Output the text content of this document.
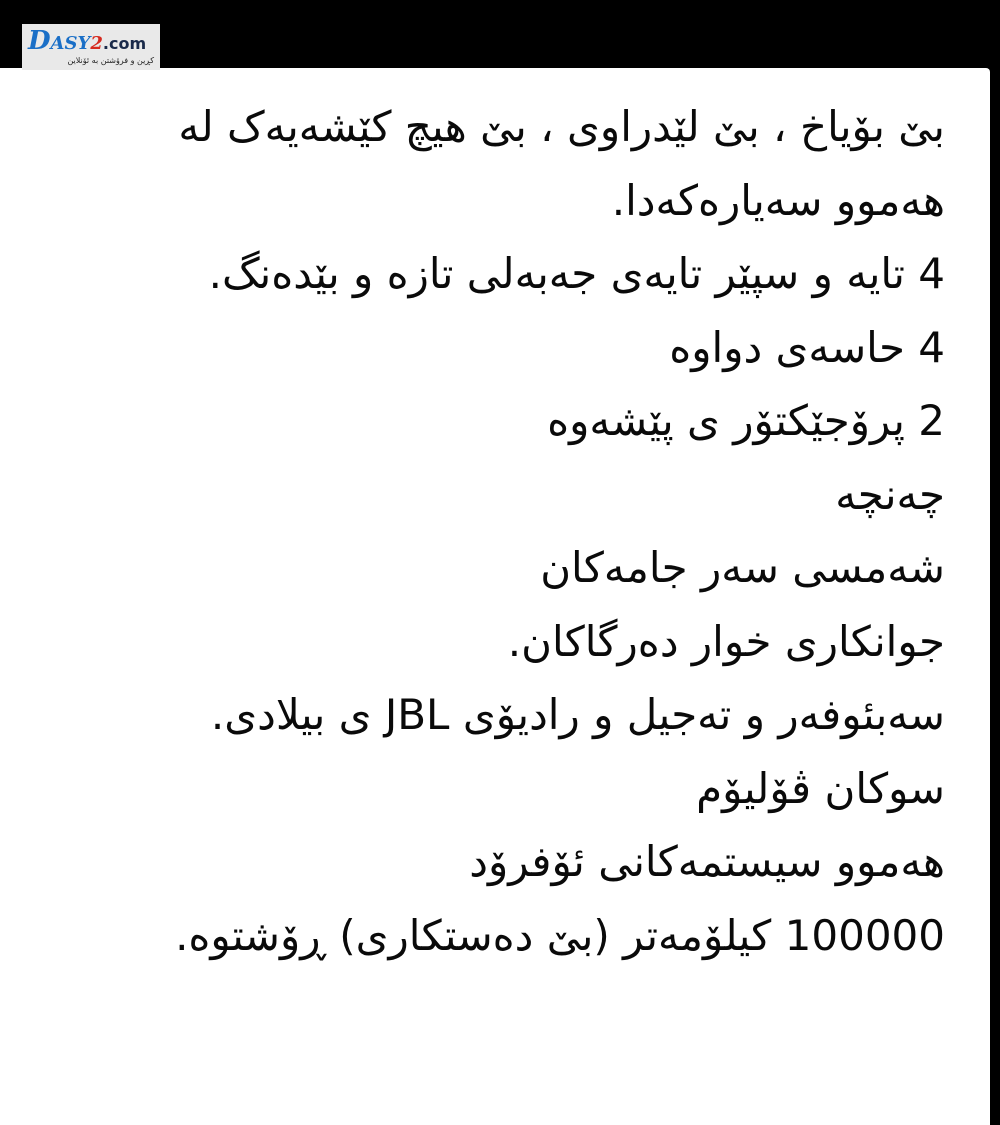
D ASY 2 .com
کڕین و فرۆشتن بە ئۆنلاین
بێ بۆیاخ ، بێ لێدراوی ، بێ هیچ کێشەیەک لە
هەموو سەیارەکەدا.
4 تایە و سپێر تایەی جەبەلی تازە و بێدەنگ.
4 حاسەی دواوە
2 پرۆجێکتۆر ی پێشەوە
چەنچە
شەمسی سەر جامەکان
جوانکاری خوار دەرگاکان.
سەبئوفەر و تەجیل و رادیۆی JBL ی بیلادی.
سوکان ڤۆلیۆم
هەموو سیستمەکانی ئۆفرۆد
100000 کیلۆمەتر (بێ دەستکاری) ڕۆشتوە.
